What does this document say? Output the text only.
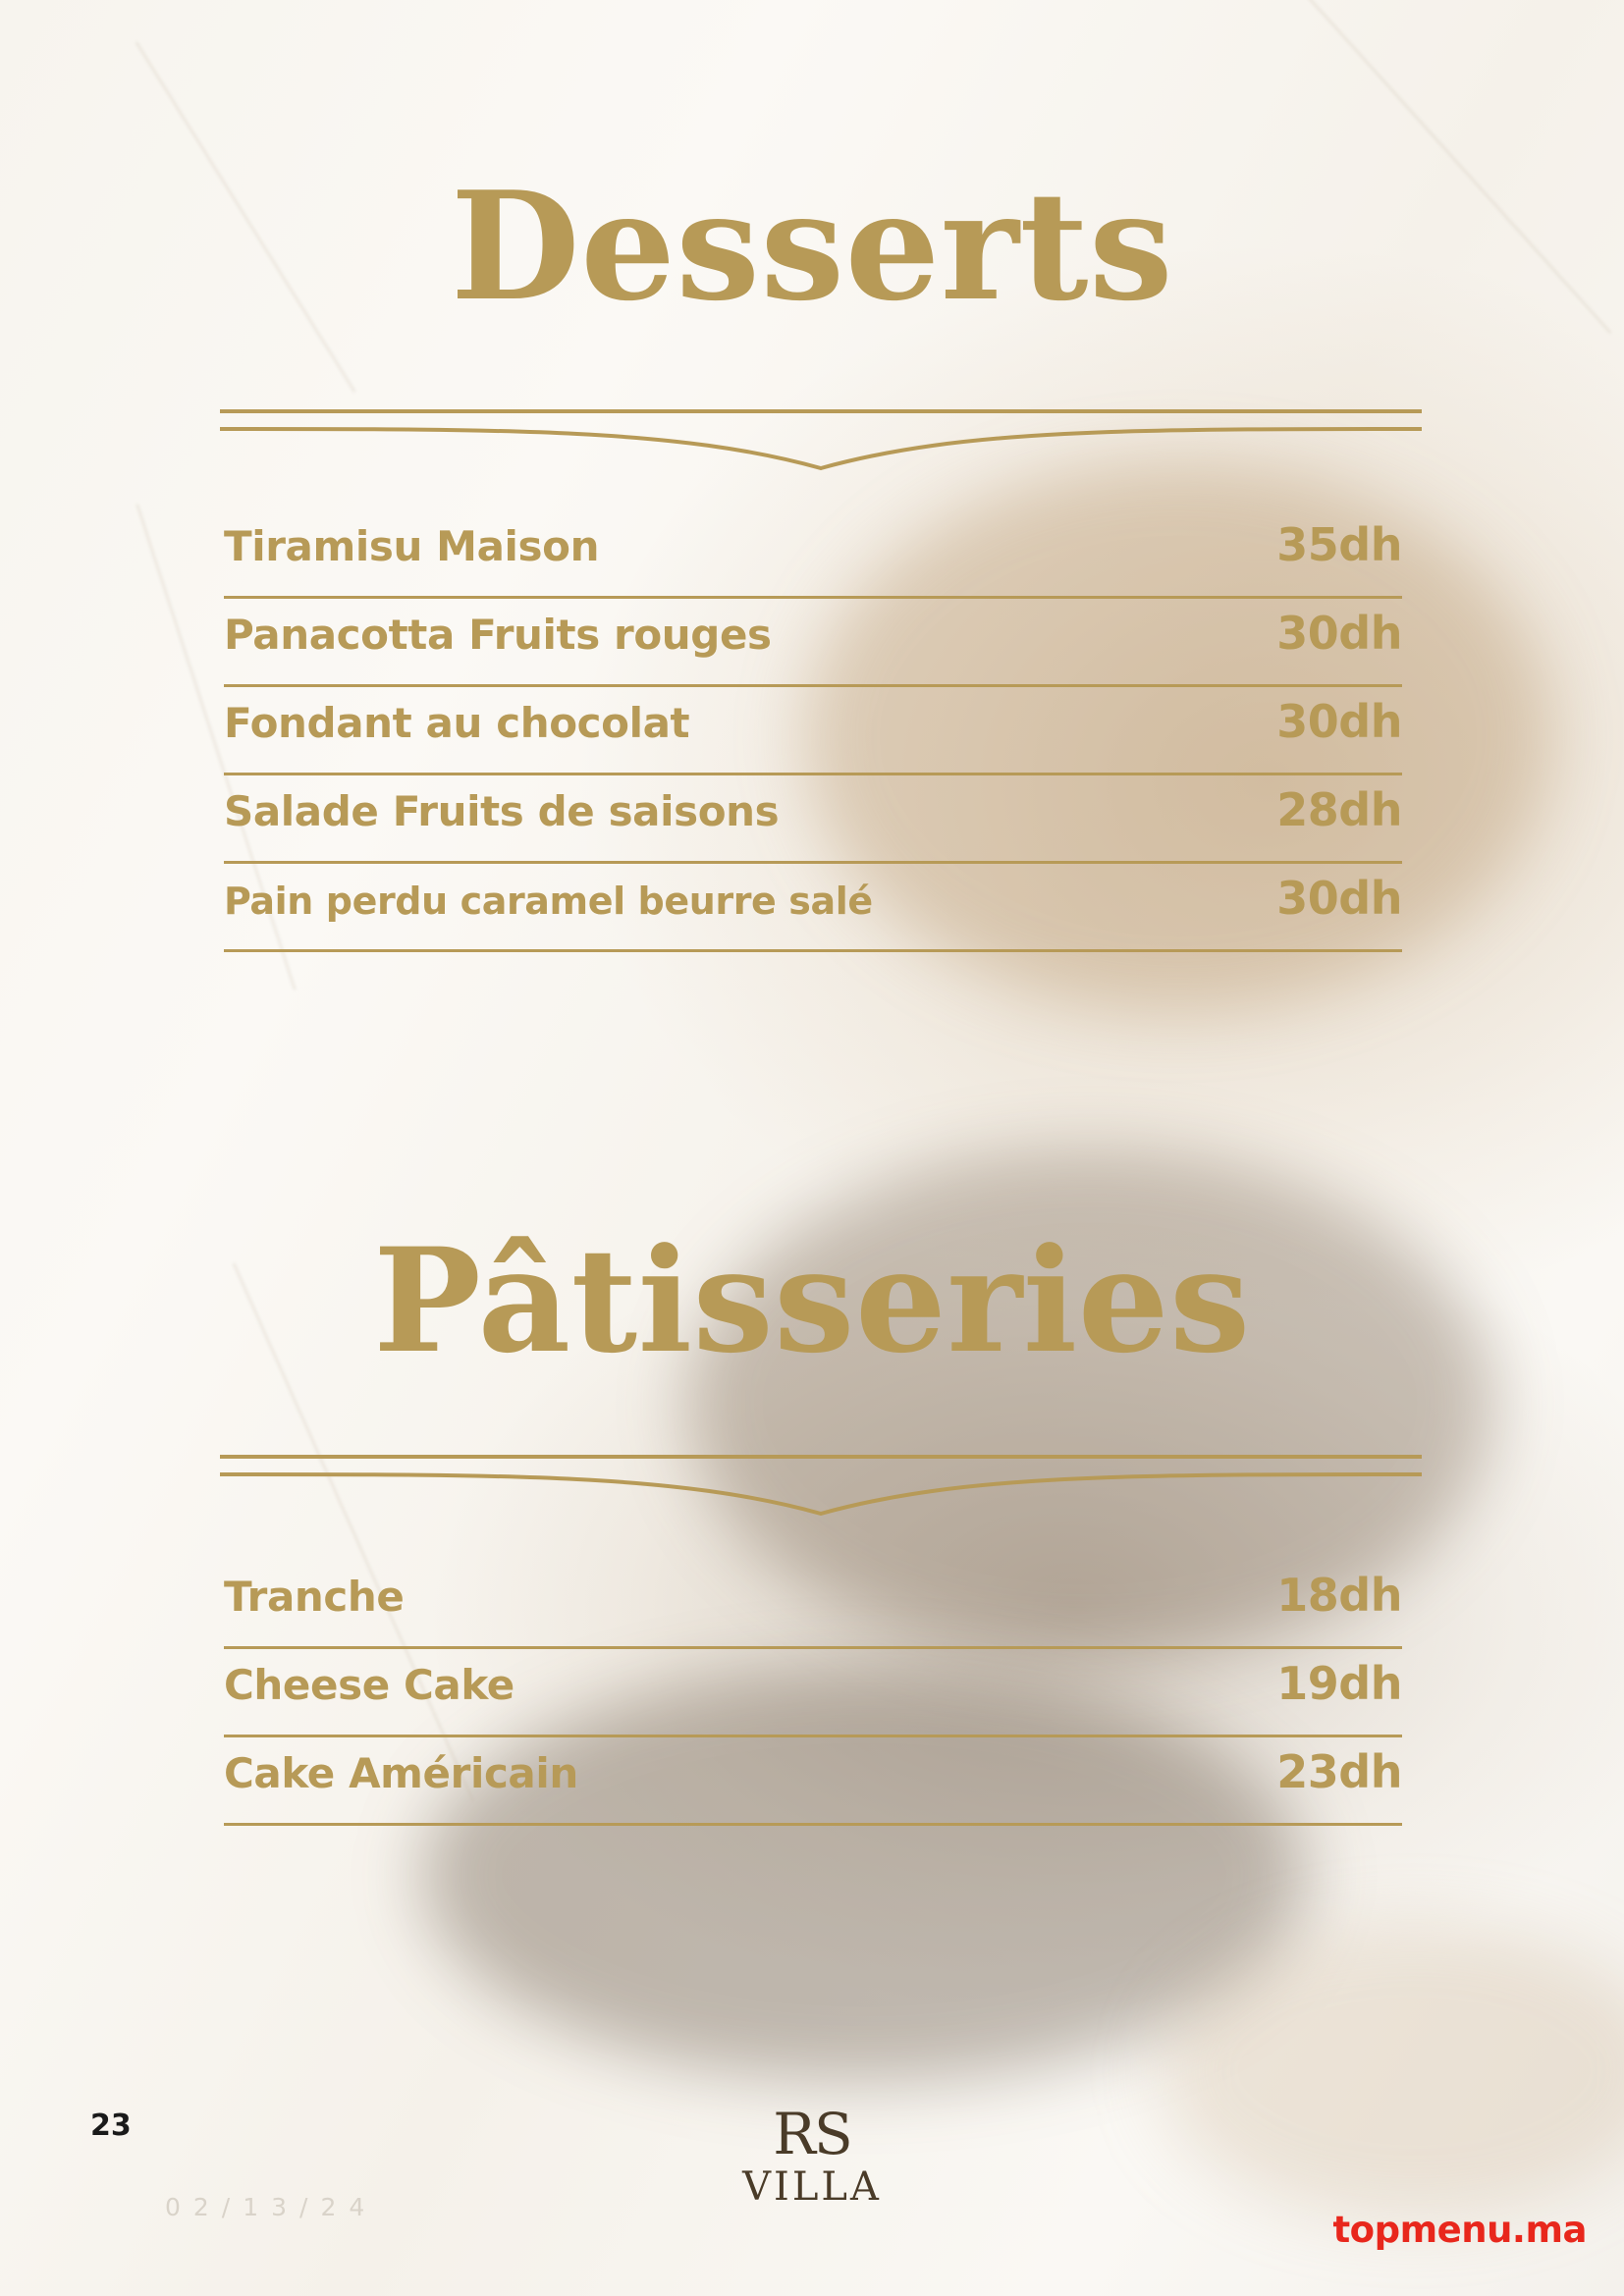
Desserts
Tiramisu Maison	35dh
Panacotta Fruits rouges	30dh
Fondant au chocolat	30dh
Salade Fruits de saisons	28dh
Pain perdu caramel beurre salé	30dh
Pâtisseries
Tranche	18dh
Cheese Cake	19dh
Cake Américain	23dh
23
02/13/24
RS
VILLA
topmenu.ma
